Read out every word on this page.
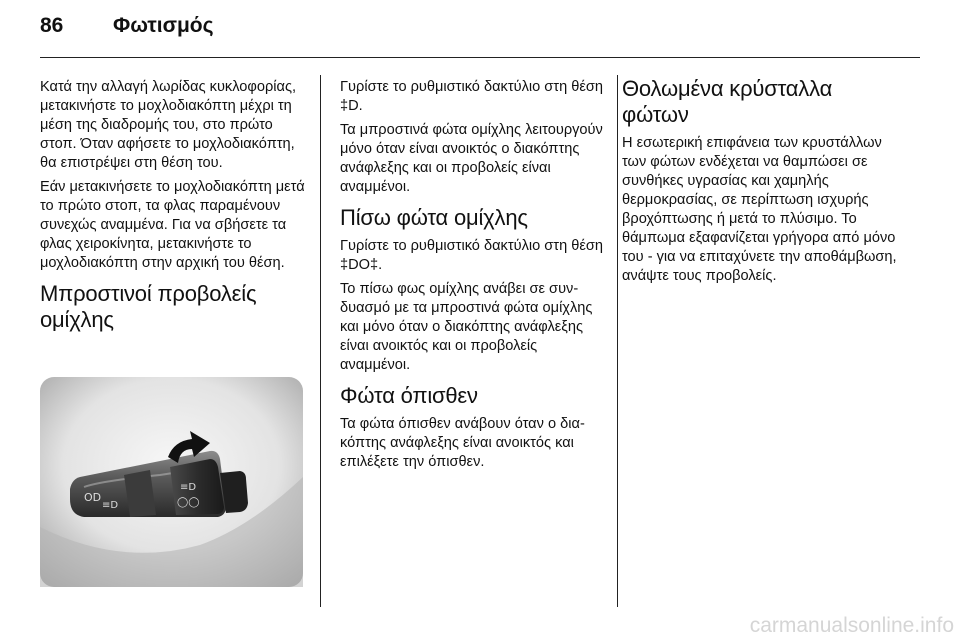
86 Φωτισμός

Κατά την αλλαγή λωρίδας κυκλοφορίας, μετακινήστε το μοχλοδιακόπτη μέχρι τη μέση της διαδρομής του, στο πρώτο στοπ. Όταν αφήσετε το μοχλοδιακόπτη, θα επιστρέψει στη θέση του.

Εάν μετακινήσετε το μοχλοδιακόπτη μετά το πρώτο στοπ, τα φλας παραμένουν συνεχώς αναμμένα. Για να σβήσετε τα φλας χειροκίνητα, μετακινήστε το μοχλοδιακόπτη στην αρχική του θέση.

Μπροστινοί προβολείς ομίχλης
OD
≡D
≡D
◯◯

Γυρίστε το ρυθμιστικό δακτύλιο στη θέση ‡D.

Τα μπροστινά φώτα ομίχλης λειτουργούν μόνο όταν είναι ανοικτός ο διακόπτης ανάφλεξης και οι προβολείς είναι αναμμένοι.

Πίσω φώτα ομίχλης

Γυρίστε το ρυθμιστικό δακτύλιο στη θέση ‡DO‡.

Το πίσω φως ομίχλης ανάβει σε συνδυασμό με τα μπροστινά φώτα ομίχλης και μόνο όταν ο διακόπτης ανάφλεξης είναι ανοικτός και οι προβολείς αναμμένοι.

Φώτα όπισθεν

Τα φώτα όπισθεν ανάβουν όταν ο διακόπτης ανάφλεξης είναι ανοικτός και επιλέξετε την όπισθεν.

Θολωμένα κρύσταλλα φώτων

Η εσωτερική επιφάνεια των κρυστάλλων των φώτων ενδέχεται να θαμπώσει σε συνθήκες υγρασίας και χαμηλής θερμοκρασίας, σε περίπτωση ισχυρής βροχόπτωσης ή μετά το πλύσιμο. Το θάμπωμα εξαφανίζεται γρήγορα από μόνο του - για να επιταχύνετε την αποθάμβωση, ανάψτε τους προβολείς.

carmanualsonline.info
